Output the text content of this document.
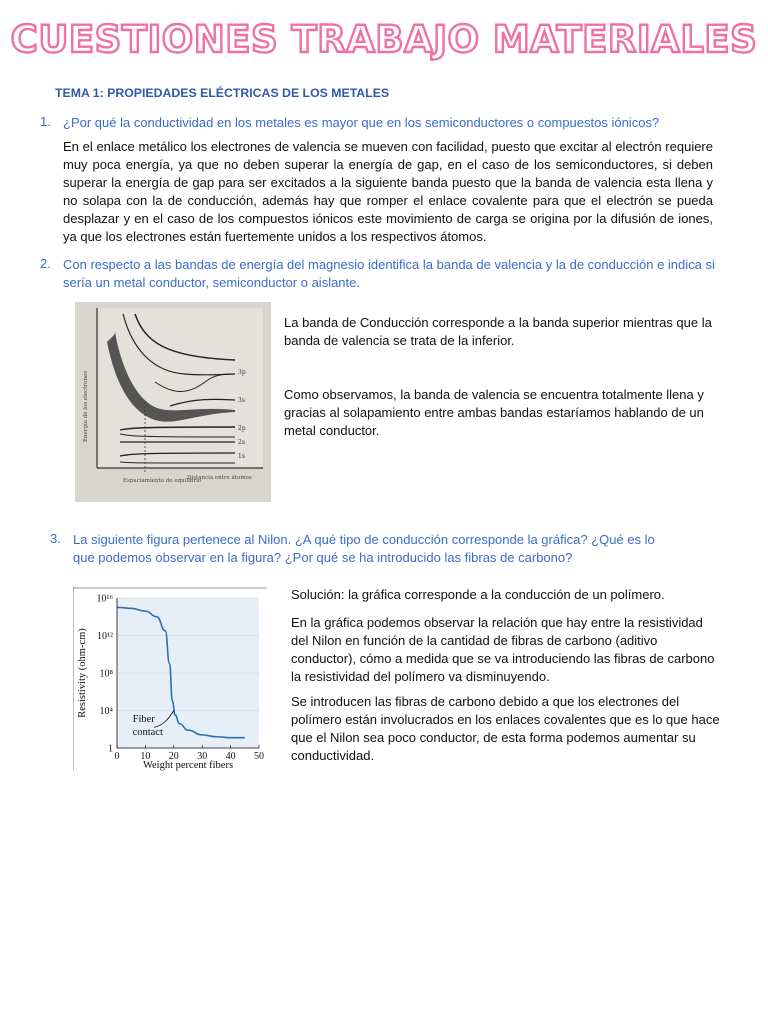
CUESTIONES TRABAJO MATERIALES
TEMA 1: PROPIEDADES ELÉCTRICAS DE LOS METALES
1. ¿Por qué la conductividad en los metales es mayor que en los semiconductores o compuestos iónicos?
En el enlace metálico los electrones de valencia se mueven con facilidad, puesto que excitar al electrón requiere muy poca energía, ya que no deben superar la energía de gap, en el caso de los semiconductores, si deben superar la energía de gap para ser excitados a la siguiente banda puesto que la banda de valencia esta llena y no solapa con la de conducción, además hay que romper el enlace covalente para que el electrón se pueda desplazar y en el caso de los compuestos iónicos este movimiento de carga se origina por la difusión de iones, ya que los electrones están fuertemente unidos a los respectivos átomos.
2. Con respecto a las bandas de energía del magnesio identifica la banda de valencia y la de conducción e indica si sería un metal conductor, semiconductor o aislante.
3p
3s
2p
2s
1s
Energía de los electrones
Espaciamiento de equilibrio
Distancia entre átomos
La banda de Conducción corresponde a la banda superior mientras que la banda de valencia se trata de la inferior.
Como observamos, la banda de valencia se encuentra totalmente llena y gracias al solapamiento entre ambas bandas estaríamos hablando de un metal conductor.
3. La siguiente figura pertenece al Nilon. ¿A qué tipo de conducción corresponde la gráfica? ¿Qué es lo que podemos observar en la figura? ¿Por qué se ha introducido las fibras de carbono?
1
10⁴
10⁸
10¹²
10¹⁶
0 10 20 30 40 50
Weight percent fibers
Resistivity (ohm-cm)
Fiber
contact
Solución: la gráfica corresponde a la conducción de un polímero.
En la gráfica podemos observar la relación que hay entre la resistividad del Nilon en función de la cantidad de fibras de carbono (aditivo conductor), cómo a medida que se va introduciendo las fibras de carbono la resistividad del polímero va disminuyendo.
Se introducen las fibras de carbono debido a que los electrones del polímero están involucrados en los enlaces covalentes que es lo que hace que el Nilon sea poco conductor, de esta forma podemos aumentar su conductividad.
